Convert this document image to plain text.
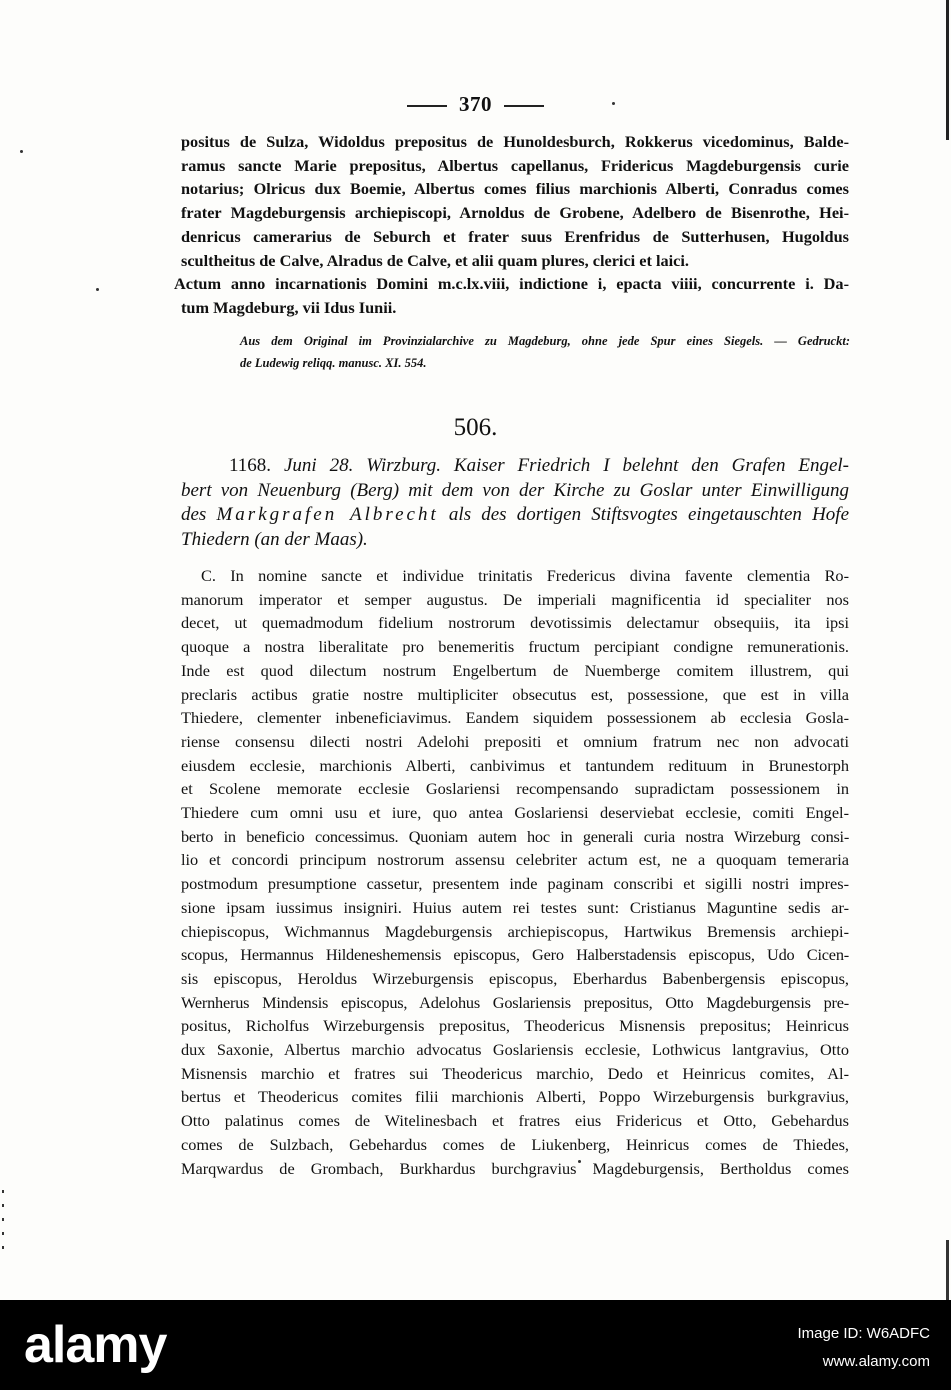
370
positus de Sulza, Widoldus prepositus de Hunoldesburch, Rokkerus vicedominus, Balde-
ramus sancte Marie prepositus, Albertus capellanus, Fridericus Magdeburgensis curie
notarius; Olricus dux Boemie, Albertus comes filius marchionis Alberti, Conradus comes
frater Magdeburgensis archiepiscopi, Arnoldus de Grobene, Adelbero de Bisenrothe, Hei-
denricus camerarius de Seburch et frater suus Erenfridus de Sutterhusen, Hugoldus
scultheitus de Calve, Alradus de Calve, et alii quam plures, clerici et laici.
Actum anno incarnationis Domini m.c.lx.viii, indictione i, epacta viiii, concurrente i. Da-
tum Magdeburg, vii Idus Iunii.
Aus dem Original im Provinzialarchive zu Magdeburg, ohne jede Spur eines Siegels. — Gedruckt:
de Ludewig reliqq. manusc. XI. 554.
506.
1168. Juni 28. Wirzburg. Kaiser Friedrich I belehnt den Grafen Engel-
bert von Neuenburg (Berg) mit dem von der Kirche zu Goslar unter Einwilligung
des Markgrafen Albrecht als des dortigen Stiftsvogtes eingetauschten Hofe
Thiedern (an der Maas).
C. In nomine sancte et individue trinitatis Fredericus divina favente clementia Ro-
manorum imperator et semper augustus. De imperiali magnificentia id specialiter nos
decet, ut quemadmodum fidelium nostrorum devotissimis delectamur obsequiis, ita ipsi
quoque a nostra liberalitate pro benemeritis fructum percipiant condigne remunerationis.
Inde est quod dilectum nostrum Engelbertum de Nuemberge comitem illustrem, qui
preclaris actibus gratie nostre multipliciter obsecutus est, possessione, que est in villa
Thiedere, clementer inbeneficiavimus. Eandem siquidem possessionem ab ecclesia Gosla-
riense consensu dilecti nostri Adelohi prepositi et omnium fratrum nec non advocati
eiusdem ecclesie, marchionis Alberti, canbivimus et tantundem redituum in Brunestorph
et Scolene memorate ecclesie Goslariensi recompensando supradictam possessionem in
Thiedere cum omni usu et iure, quo antea Goslariensi deserviebat ecclesie, comiti Engel-
berto in beneficio concessimus. Quoniam autem hoc in generali curia nostra Wirzeburg consi-
lio et concordi principum nostrorum assensu celebriter actum est, ne a quoquam temeraria
postmodum presumptione cassetur, presentem inde paginam conscribi et sigilli nostri impres-
sione ipsam iussimus insigniri. Huius autem rei testes sunt: Cristianus Maguntine sedis ar-
chiepiscopus, Wichmannus Magdeburgensis archiepiscopus, Hartwikus Bremensis archiepi-
scopus, Hermannus Hildeneshemensis episcopus, Gero Halberstadensis episcopus, Udo Cicen-
sis episcopus, Heroldus Wirzeburgensis episcopus, Eberhardus Babenbergensis episcopus,
Wernherus Mindensis episcopus, Adelohus Goslariensis prepositus, Otto Magdeburgensis pre-
positus, Richolfus Wirzeburgensis prepositus, Theodericus Misnensis prepositus; Heinricus
dux Saxonie, Albertus marchio advocatus Goslariensis ecclesie, Lothwicus lantgravius, Otto
Misnensis marchio et fratres sui Theodericus marchio, Dedo et Heinricus comites, Al-
bertus et Theodericus comites filii marchionis Alberti, Poppo Wirzeburgensis burkgravius,
Otto palatinus comes de Witelinesbach et fratres eius Fridericus et Otto, Gebehardus
comes de Sulzbach, Gebehardus comes de Liukenberg, Heinricus comes de Thiedes,
Marqwardus de Grombach, Burkhardus burchgravius Magdeburgensis, Bertholdus comes
alamy	Image ID: W6ADFC
www.alamy.com
